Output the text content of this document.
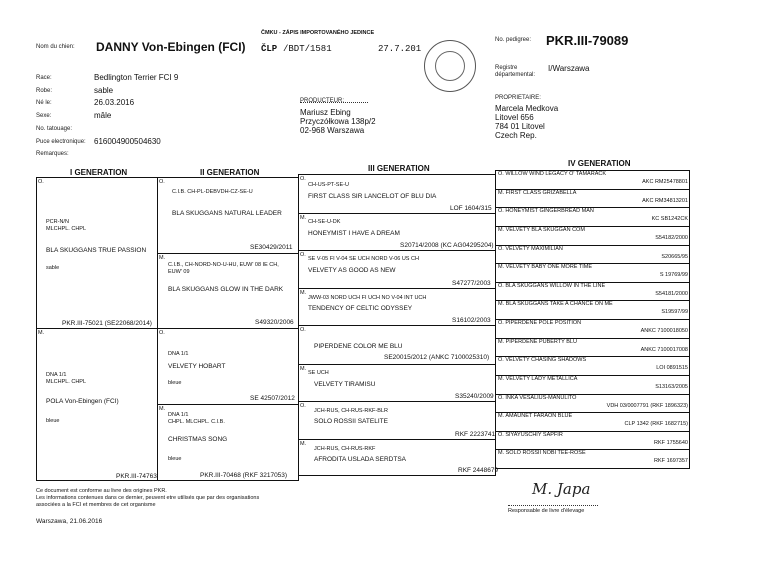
Nom du chien: DANNY Von-Ebingen (FCI)
ČMKU - ZÁPIS IMPORTOVANÉHO JEDINCE
ČLP /BDT/1581	27.7.201
No. pedigree: PKR.III-79089
Registre départemental:
I/Warszawa
Race:	Bedlington Terrier FCI 9
Robe:	sable
Né le:	26.03.2016
Sexe:	mâle
No. tatouage:
Puce electronique: 616004900504630
Remarques:
PRODUCTEUR:
Mariusz Ebing
Przyczółkowa 138p/2
02-968 Warszawa
PROPRIETAIRE:
Marcela Medkova
Litovel 656
784 01 Litovel
Czech Rep.
I GENERATION	II GENERATION	III GENERATION
IV GENERATION
O.
PCR-N/N
MLCHPL. CHPL
BLA SKUGGANS TRUE PASSION
sable
PKR.III-75021 (SE22068/2014)
M.
DNA 1/1
MLCHPL. CHPL
POLA Von-Ebingen (FCI)
bleue
PKR.III-74763
O.
C.I.B. CH-PL-DEBVDH-CZ-SE-U
BLA SKUGGANS NATURAL LEADER
SE30429/2011
M.
C.I.B., CH-NORD-NO-U-HU, EUW' 08 IE CH, EUW' 09
BLA SKUGGANS GLOW IN THE DARK
S49320/2006
O.
DNA 1/1
VELVETY HOBART
bleue
SE 42507/2012
M.
DNA 1/1
CHPL. MLCHPL. C.I.B.
CHRISTMAS SONG
bleue
PKR.III-70468 (RKF 3217053)
O.
CH-US-PT-SE-U
FIRST CLASS SIR LANCELOT OF BLU DIA
LOF 1604/315
M.
CH-SE-U-DK
HONEYMIST I HAVE A DREAM
S20714/2008 (KC AG04295204)
O.
SE V-05 FI V-04 SE UCH NORD V-06 US CH
VELVETY AS GOOD AS NEW
S47277/2003
M.
JWW-03 NORD UCH FI UCH NO V-04 INT UCH
TENDENCY OF CELTIC ODYSSEY
S16102/2003
O.
PIPERDENE COLOR ME BLU
SE20015/2012 (ANKC 7100025310)
M.
SE UCH
VELVETY TIRAMISU
S35240/2009
O.
JCH-RUS, CH-RUS-RKF-BLR
SOLO ROSSII SATELITE
RKF 2223741
M.
JCH-RUS, CH-RUS-RKF
AFRODITA USLADA SERDTSA
RKF 2448679
O. WILLOW WIND LEGACY O' TAMARACK
AKC RM25478801
M. FIRST CLASS GRIZABELLA
AKC RM34813201
O. HONEYMIST GINGERBREAD MAN
KC SB1242CK
M. VELVETY BLA SKUGGAN COM
S54182/2000
O. VELVETY MAXIMILIAN
S20665/95
M. VELVETY BABY ONE MORE TIME
S 19769/99
O. BLA SKUGGANS WILLOW IN THE LINE
S54181/2000
M. BLA SKUGGANS TAKE A CHANCE ON ME
S19597/99
O. PIPERDENE POLE POSITION
ANKC 7100018050
M. PIPERDENE PUBERTY BLU
ANKC 7100017008
O. VELVETY CHASING SHADOWS
LOI 0891515
M. VELVETY LADY METALLICA
S13163/2005
O. INKA VESALIUS-MANULITO
VDH 03/0007791 (RKF 1896323)
M. AMAUNET FARAON BLUE
CLP 1342 (RKF 1682715)
O. SIYAYUSCHIY SAPFIR
RKF 1755640
M. SOLO ROSSII NOBI TEE-ROSE
RKF 1697357
Ce document est conforme au livre des origines PKR.
Les informations contenues dans ce dernier, peuvent etre utilisés que par des organisations
associées a la FCI et membres de cet organisme
Warszawa, 21.06.2016
M. Japa
Responsable de livre d'élevage
